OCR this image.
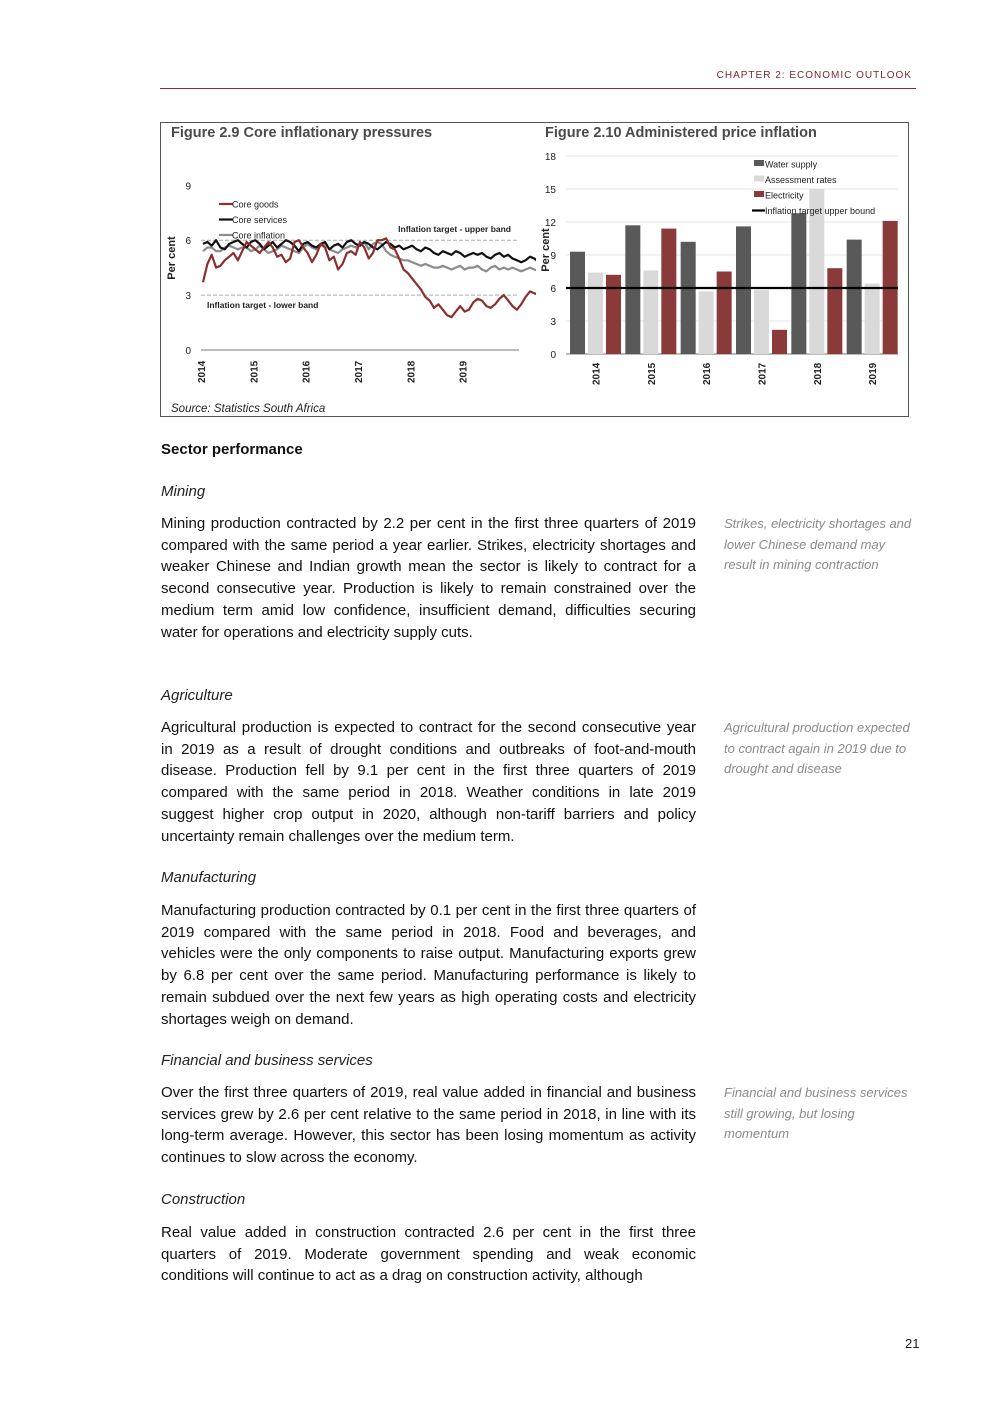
CHAPTER 2: ECONOMIC OUTLOOK
Figure 2.9 Core inflationary pressures	Figure 2.10 Administered price inflation
0
3
6
9
2014	2015	2016	2017	2018	2019
Per cent
Inflation target - upper band
Inflation target - lower band
Core goods
Core services
Core inflation
0
3
6
9
12
15
18
2014	2015	2016	2017	2018	2019
Per cent
Water supply
Assessment rates
Electricity
Inflation target upper bound
Source: Statistics South Africa
Sector performance
Mining

Mining production contracted by 2.2 per cent in the first three quarters of 2019 compared with the same period a year earlier. Strikes, electricity shortages and weaker Chinese and Indian growth mean the sector is likely to contract for a second consecutive year. Production is likely to remain constrained over the medium term amid low confidence, insufficient demand, difficulties securing water for operations and electricity supply cuts.

Strikes, electricity shortages and lower Chinese demand may result in mining contraction

Agriculture

Agricultural production is expected to contract for the second consecutive year in 2019 as a result of drought conditions and outbreaks of foot-and-mouth disease. Production fell by 9.1 per cent in the first three quarters of 2019 compared with the same period in 2018. Weather conditions in late 2019 suggest higher crop output in 2020, although non-tariff barriers and policy uncertainty remain challenges over the medium term.

Agricultural production expected to contract again in 2019 due to drought and disease

Manufacturing

Manufacturing production contracted by 0.1 per cent in the first three quarters of 2019 compared with the same period in 2018. Food and beverages, and vehicles were the only components to raise output. Manufacturing exports grew by 6.8 per cent over the same period. Manufacturing performance is likely to remain subdued over the next few years as high operating costs and electricity shortages weigh on demand.

Financial and business services

Over the first three quarters of 2019, real value added in financial and business services grew by 2.6 per cent relative to the same period in 2018, in line with its long-term average. However, this sector has been losing momentum as activity continues to slow across the economy.

Financial and business services still growing, but losing momentum

Construction

Real value added in construction contracted 2.6 per cent in the first three quarters of 2019. Moderate government spending and weak economic conditions will continue to act as a drag on construction activity, although

21
